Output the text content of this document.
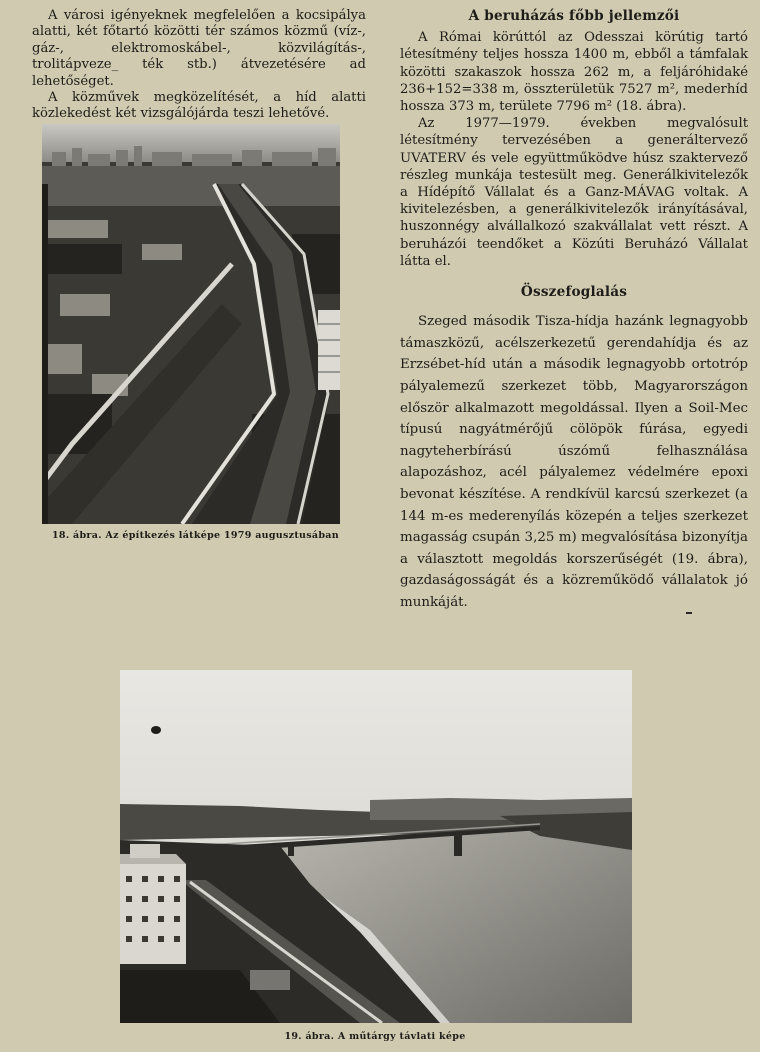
A városi igényeknek megfelelően a kocsipálya alatti, két főtartó közötti tér számos közmű (víz-, gáz-, elektromoskábel-, közvilágítás-, trolitápveze_ ték stb.) átvezetésére ad lehetőséget.

A közművek megközelítését, a híd alatti közlekedést két vizsgálójárda teszi lehetővé.

A beruházás főbb jellemzői

A Római körúttól az Odesszai körútig tartó létesítmény teljes hossza 1400 m, ebből a támfalak közötti szakaszok hossza 262 m, a feljáróhidaké 236+152=338 m, összterületük 7527 m², mederhíd hossza 373 m, területe 7796 m² (18. ábra).

Az 1977—1979. években megvalósult létesítmény tervezésében a generáltervező UVATERV és vele együttműködve húsz szaktervező részleg munkája testesült meg. Generálkivitelezők a Hídépítő Vállalat és a Ganz-MÁVAG voltak. A kivitelezésben, a generálkivitelezők irányításával, huszonnégy alvállalkozó szakvállalat vett részt. A beruházói teendőket a Közúti Beruházó Vállalat látta el.

Összefoglalás

Szeged második Tisza-hídja hazánk legnagyobb támaszközű, acélszerkezetű gerendahídja és az Erzsébet-híd után a második legnagyobb ortotróp pályalemezű szerkezet több, Magyarországon először alkalmazott megoldással. Ilyen a Soil-Mec típusú nagyátmérőjű cölöpök fúrása, egyedi nagyteherbírású úszómű felhasználása alapozáshoz, acél pályalemez védelmére epoxi bevonat készítése. A rendkívül karcsú szerkezet (a 144 m-es mederenyílás közepén a teljes szerkezet magasság csupán 3,25 m) megvalósítása bizonyítja a választott megoldás korszerűségét (19. ábra), gazdaságosságát és a közreműködő vállalatok jó munkáját.

18. ábra. Az építkezés látképe 1979 augusztusában
19. ábra. A műtárgy távlati képe
